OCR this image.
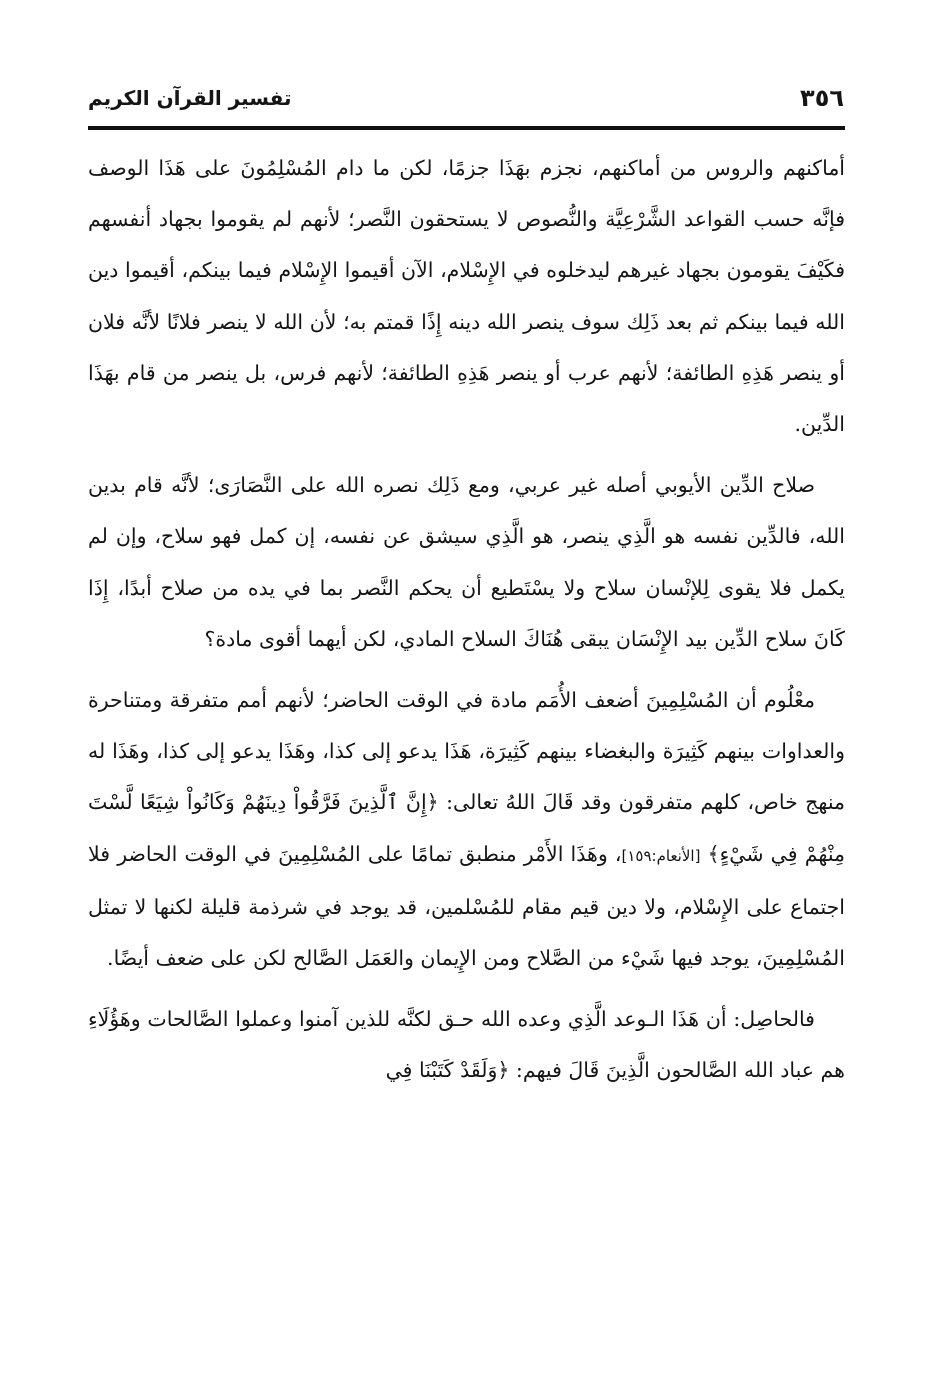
٣٥٦
تفسير القرآن الكريم

أماكنهم والروس من أماكنهم، نجزم بهَذَا جزمًا، لكن ما دام المُسْلِمُونَ على هَذَا الوصف فإنَّه حسب القواعد الشَّرْعِيَّة والنُّصوص لا يستحقون النَّصر؛ لأنهم لم يقوموا بجهاد أنفسهم فكَيْفَ يقومون بجهاد غيرهم ليدخلوه في الإِسْلام، الآن أقيموا الإِسْلام فيما بينكم، أقيموا دين الله فيما بينكم ثم بعد ذَلِك سوف ينصر الله دينه إِذًا قمتم به؛ لأن الله لا ينصر فلانًا لأنَّه فلان أو ينصر هَذِهِ الطائفة؛ لأنهم عرب أو ينصر هَذِهِ الطائفة؛ لأنهم فرس، بل ينصر من قام بهَذَا الدِّين.

صلاح الدِّين الأيوبي أصله غير عربي، ومع ذَلِك نصره الله على النَّصَارَى؛ لأنَّه قام بدين الله، فالدِّين نفسه هو الَّذِي ينصر، هو الَّذِي سيشق عن نفسه، إن كمل فهو سلاح، وإن لم يكمل فلا يقوى لِلإنْسان سلاح ولا يسْتَطيع أن يحكم النَّصر بما في يده من صلاح أبدًا، إِذَا كَانَ سلاح الدِّين بيد الإِنْسَان يبقى هُنَاكَ السلاح المادي، لكن أيهما أقوى مادة؟

معْلُوم أن المُسْلِمِينَ أضعف الأُمَم مادة في الوقت الحاضر؛ لأنهم أمم متفرقة ومتناحرة والعداوات بينهم كَثِيرَة والبغضاء بينهم كَثِيرَة، هَذَا يدعو إلى كذا، وهَذَا يدعو إلى كذا، وهَذَا له منهج خاص، كلهم متفرقون وقد قَالَ اللهُ تعالى: ﴿إِنَّ ٱلَّذِينَ فَرَّقُواْ دِينَهُمْ وَكَانُواْ شِيَعًا لَّسْتَ مِنْهُمْ فِي شَيْءٍ﴾ [الأنعام:١٥٩]، وهَذَا الأَمْر منطبق تمامًا على المُسْلِمِينَ في الوقت الحاضر فلا اجتماع على الإِسْلام، ولا دين قيم مقام للمُسْلمين، قد يوجد في شرذمة قليلة لكنها لا تمثل المُسْلِمِينَ، يوجد فيها شَيْء من الصَّلاح ومن الإِيمان والعَمَل الصَّالح لكن على ضعف أيضًا.

فالحاصِل: أن هَذَا الـوعد الَّذِي وعده الله حـق لكنَّه للذين آمنوا وعملوا الصَّالحات وهَؤُلَاءِ هم عباد الله الصَّالحون الَّذِينَ قَالَ فيهم: ﴿وَلَقَدْ كَتَبْنَا فِي
